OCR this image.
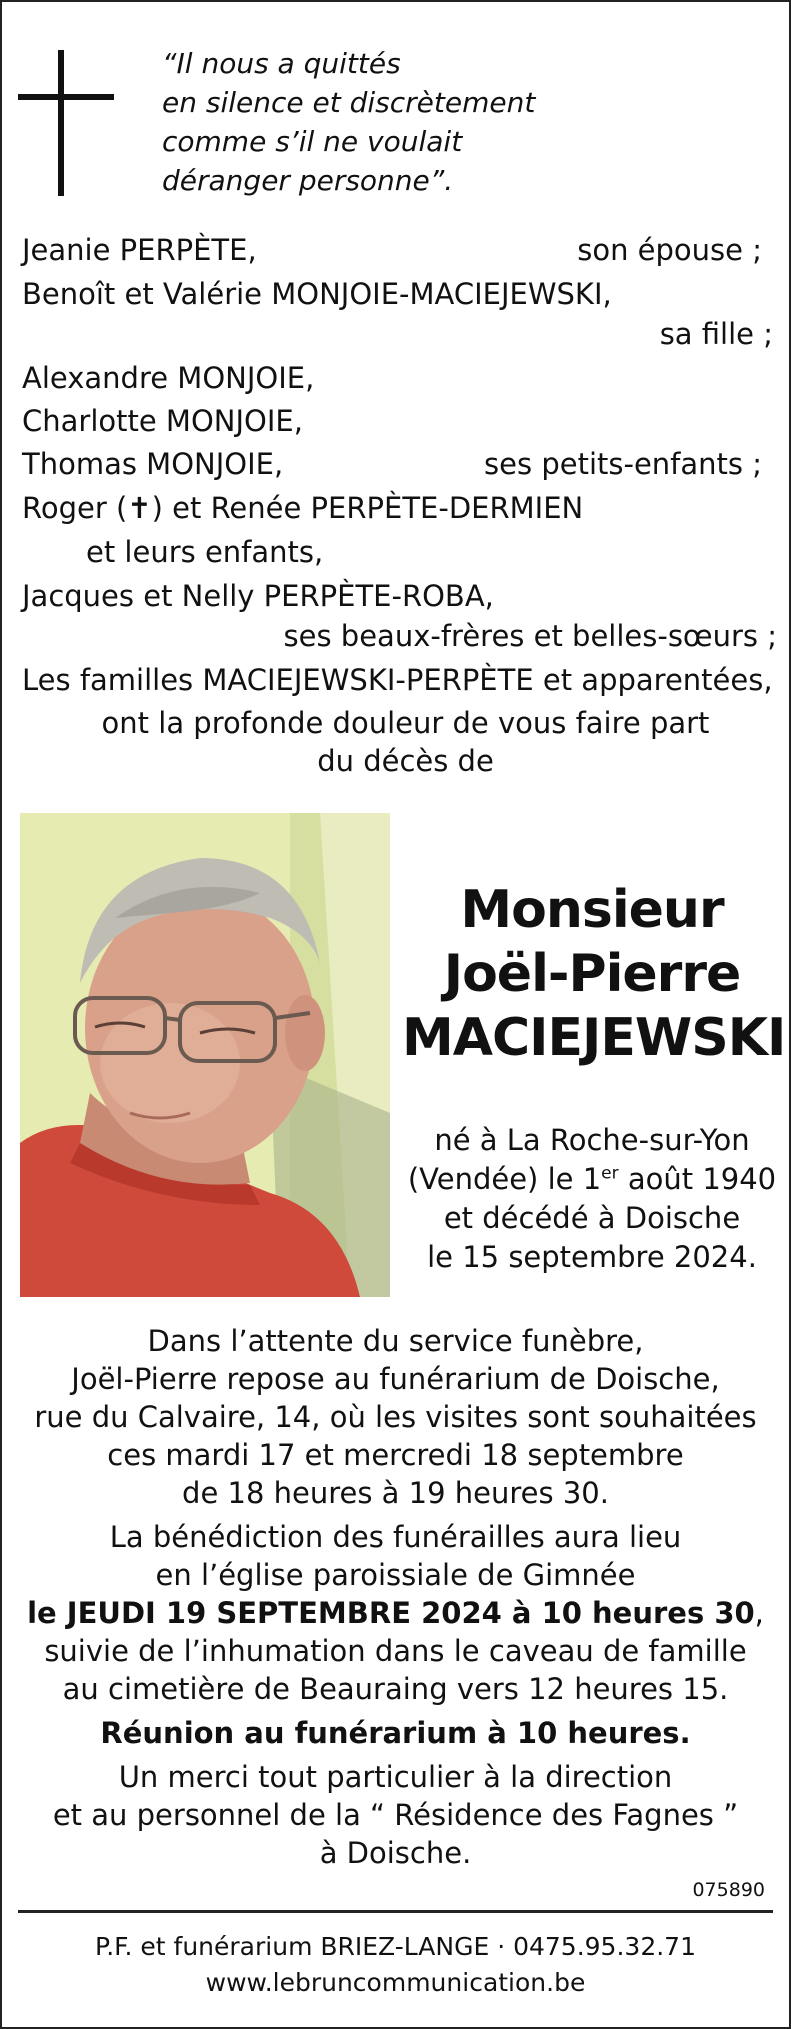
“Il nous a quittés
en silence et discrètement
comme s’il ne voulait
déranger personne”.
Jeanie PERPÈTE,	son épouse ;
Benoît et Valérie MONJOIE-MACIEJEWSKI,
sa fille ;
Alexandre MONJOIE,
Charlotte MONJOIE,
Thomas MONJOIE,	ses petits-enfants ;
Roger (✝) et Renée PERPÈTE-DERMIEN
et leurs enfants,
Jacques et Nelly PERPÈTE-ROBA,
ses beaux-frères et belles-sœurs ;
Les familles MACIEJEWSKI-PERPÈTE et apparentées,
ont la profonde douleur de vous faire part
du décès de
Monsieur
Joël-Pierre
MACIEJEWSKI
né à La Roche-sur-Yon
(Vendée) le 1er août 1940
et décédé à Doische
le 15 septembre 2024.
Dans l’attente du service funèbre,
Joël-Pierre repose au funérarium de Doische,
rue du Calvaire, 14, où les visites sont souhaitées
ces mardi 17 et mercredi 18 septembre
de 18 heures à 19 heures 30.
La bénédiction des funérailles aura lieu
en l’église paroissiale de Gimnée
le JEUDI 19 SEPTEMBRE 2024 à 10 heures 30,
suivie de l’inhumation dans le caveau de famille
au cimetière de Beauraing vers 12 heures 15.
Réunion au funérarium à 10 heures.
Un merci tout particulier à la direction
et au personnel de la “ Résidence des Fagnes ”
à Doische.
075890
P.F. et funérarium BRIEZ-LANGE · 0475.95.32.71
www.lebruncommunication.be
